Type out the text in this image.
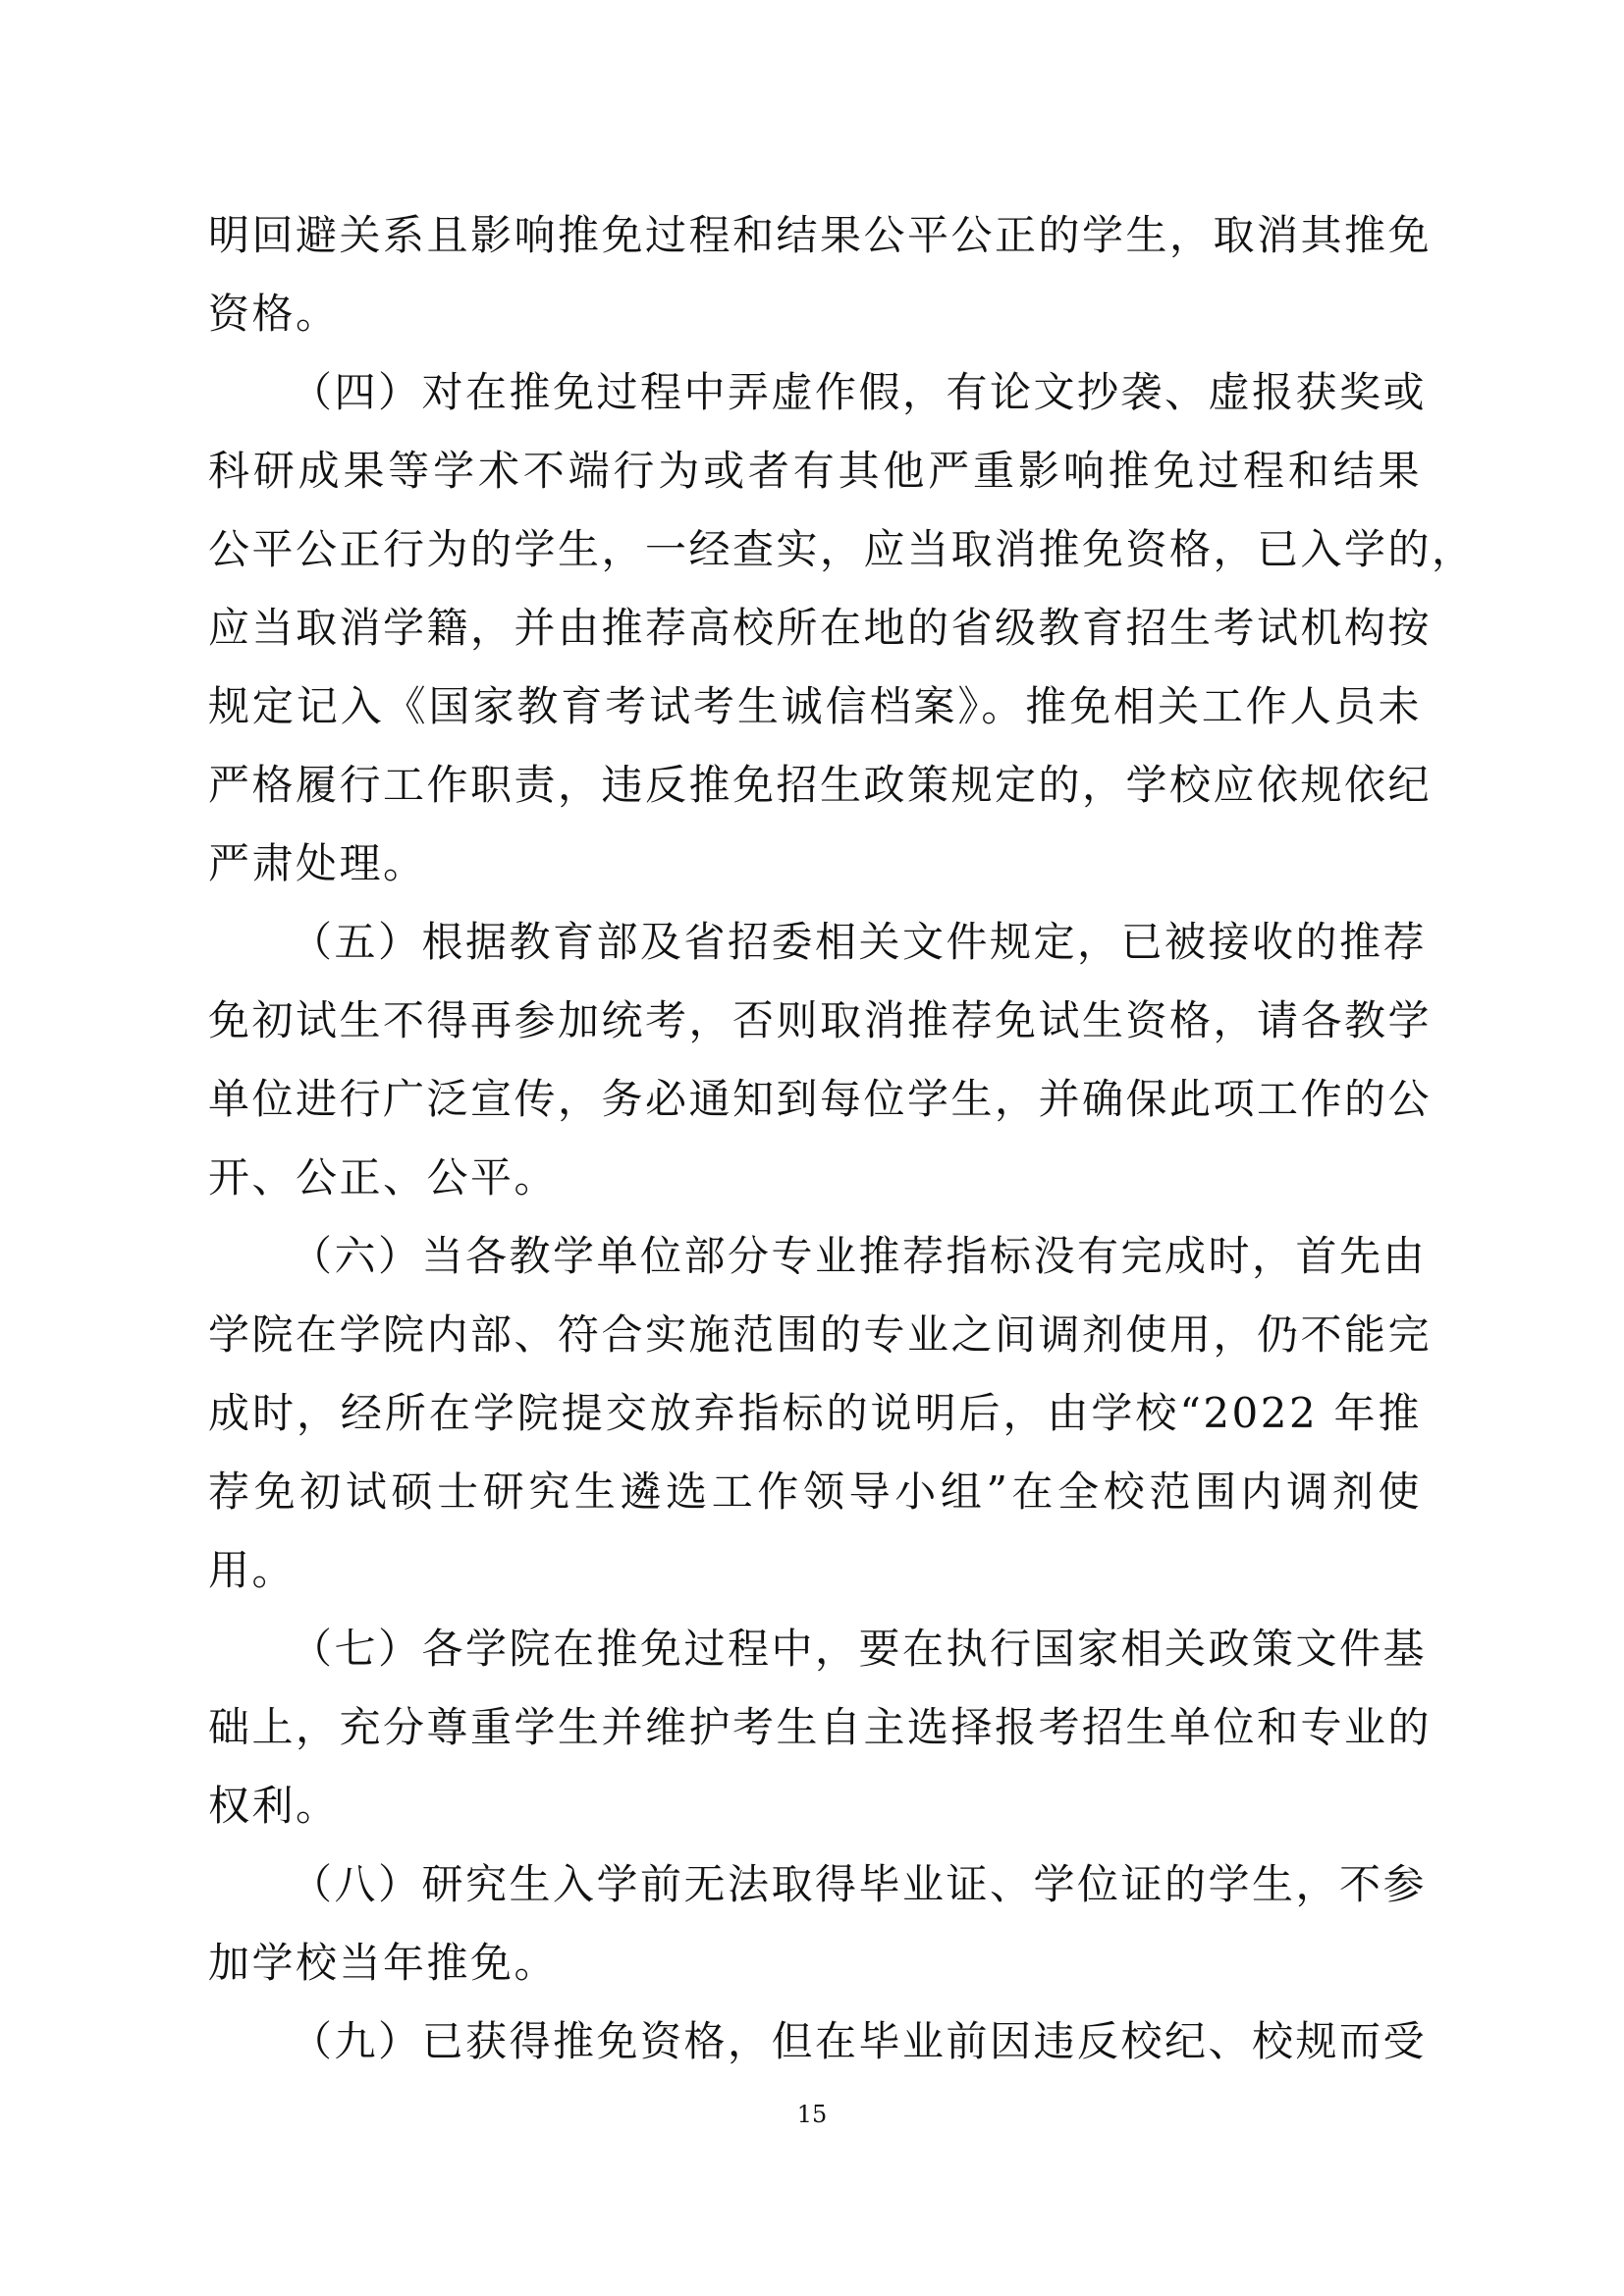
明回避关系且影响推免过程和结果公平公正的学生，取消其推免
资格。
（四）对在推免过程中弄虚作假，有论文抄袭、虚报获奖或
科研成果等学术不端行为或者有其他严重影响推免过程和结果
公平公正行为的学生，一经查实，应当取消推免资格，已入学的，
应当取消学籍，并由推荐高校所在地的省级教育招生考试机构按
规定记入《国家教育考试考生诚信档案》。推免相关工作人员未
严格履行工作职责，违反推免招生政策规定的，学校应依规依纪
严肃处理。
（五）根据教育部及省招委相关文件规定，已被接收的推荐
免初试生不得再参加统考，否则取消推荐免试生资格，请各教学
单位进行广泛宣传，务必通知到每位学生，并确保此项工作的公
开、公正、公平。
（六）当各教学单位部分专业推荐指标没有完成时，首先由
学院在学院内部、符合实施范围的专业之间调剂使用，仍不能完
成时，经所在学院提交放弃指标的说明后，由学校“2022 年推
荐免初试硕士研究生遴选工作领导小组”在全校范围内调剂使
用。
（七）各学院在推免过程中，要在执行国家相关政策文件基
础上，充分尊重学生并维护考生自主选择报考招生单位和专业的
权利。
（八）研究生入学前无法取得毕业证、学位证的学生，不参
加学校当年推免。
（九）已获得推免资格，但在毕业前因违反校纪、校规而受
15
